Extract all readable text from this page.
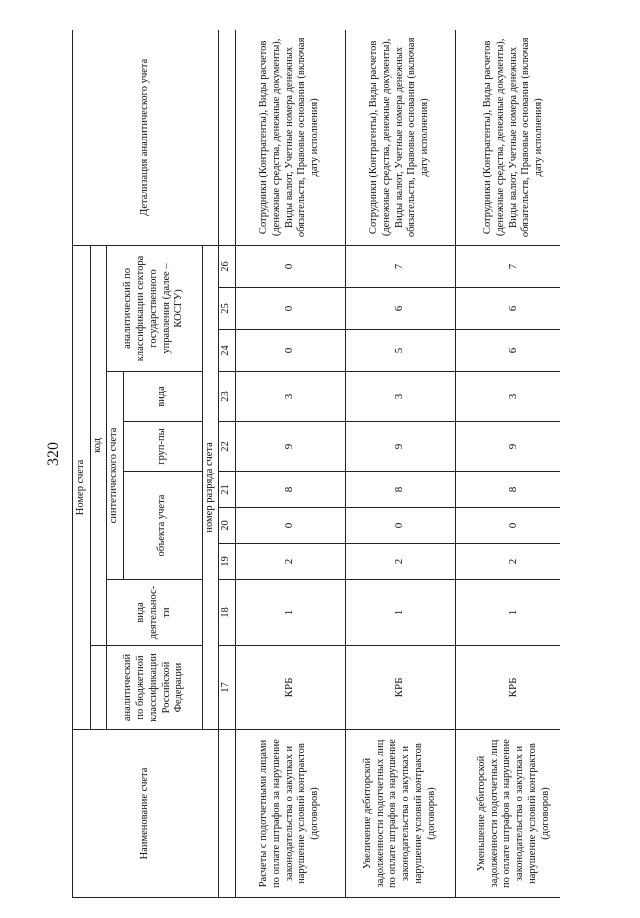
320
Наименование счета	Номер счета										Детализация аналитического учета
		код									
	аналитический по бюджетной классификации Российской Федерации	вида деятельнос-ти	синтетического счета					аналитический по классификации сектора государственного управления (далее – КОСГУ)			
			объекта учета			груп-пы	вида				
	номер разряда счета										
	17	18	19	20	21	22	23	24	25	26	
Расчеты с подотчетными лицами по оплате штрафов за нарушение законодательства о закупках и нарушение условий контрактов (договоров)	КРБ	1	2	0	8	9	3	0	0	0	Сотрудники (Контрагенты), Виды расчетов (денежные средства, денежные документы), Виды валют, Учетные номера денежных обязательств, Правовые основания (включая дату исполнения)
Увеличение дебиторской задолженности подотчетных лиц по оплате штрафов за нарушение законодательства о закупках и нарушение условий контрактов (договоров)	КРБ	1	2	0	8	9	3	5	6	7	Сотрудники (Контрагенты), Виды расчетов (денежные средства, денежные документы), Виды валют, Учетные номера денежных обязательств, Правовые основания (включая дату исполнения)
Уменьшение дебиторской задолженности подотчетных лиц по оплате штрафов за нарушение законодательства о закупках и нарушение условий контрактов (договоров)	КРБ	1	2	0	8	9	3	6	6	7	Сотрудники (Контрагенты), Виды расчетов (денежные средства, денежные документы), Виды валют, Учетные номера денежных обязательств, Правовые основания (включая дату исполнения)
